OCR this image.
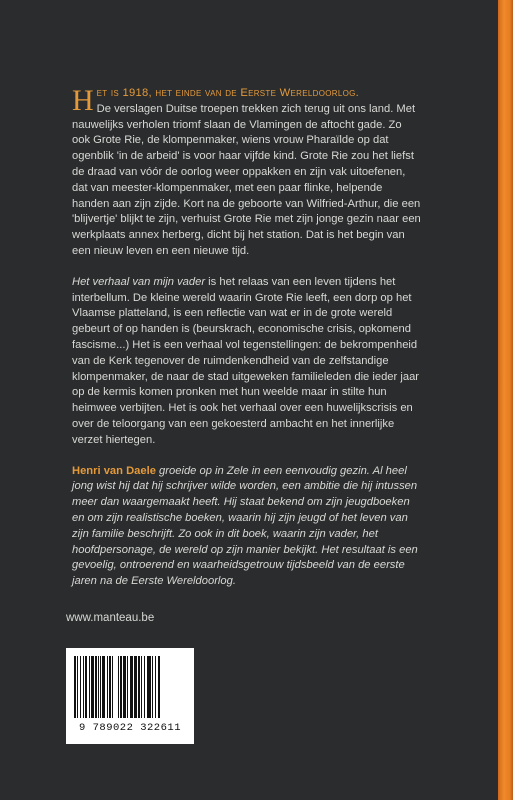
Het is 1918, het einde van de Eerste Wereldoorlog.
De verslagen Duitse troepen trekken zich terug uit ons land. Met nauwelijks verholen triomf slaan de Vlamingen de aftocht gade. Zo ook Grote Rie, de klompenmaker, wiens vrouw Pharaïlde op dat ogenblik 'in de arbeid' is voor haar vijfde kind. Grote Rie zou het liefst de draad van vóór de oorlog weer oppakken en zijn vak uitoefenen, dat van meester-klompenmaker, met een paar flinke, helpende handen aan zijn zijde. Kort na de geboorte van Wilfried-Arthur, die een 'blijvertje' blijkt te zijn, verhuist Grote Rie met zijn jonge gezin naar een werkplaats annex herberg, dicht bij het station. Dat is het begin van een nieuw leven en een nieuwe tijd.

Het verhaal van mijn vader is het relaas van een leven tijdens het interbellum. De kleine wereld waarin Grote Rie leeft, een dorp op het Vlaamse platteland, is een reflectie van wat er in de grote wereld gebeurt of op handen is (beurskrach, economische crisis, opkomend fascisme...) Het is een verhaal vol tegenstellingen: de bekrompenheid van de Kerk tegenover de ruimdenkendheid van de zelfstandige klompenmaker, de naar de stad uitgeweken familieleden die ieder jaar op de kermis komen pronken met hun weelde maar in stilte hun heimwee verbijten. Het is ook het verhaal over een huwelijkscrisis en over de teloorgang van een gekoesterd ambacht en het innerlijke verzet hiertegen.

Henri van Daele groeide op in Zele in een eenvoudig gezin. Al heel jong wist hij dat hij schrijver wilde worden, een ambitie die hij intussen meer dan waargemaakt heeft. Hij staat bekend om zijn jeugdboeken en om zijn realistische boeken, waarin hij zijn jeugd of het leven van zijn familie beschrijft. Zo ook in dit boek, waarin zijn vader, het hoofdpersonage, de wereld op zijn manier bekijkt. Het resultaat is een gevoelig, ontroerend en waarheidsgetrouw tijdsbeeld van de eerste jaren na de Eerste Wereldoorlog.

www.manteau.be
9 789022 322611
